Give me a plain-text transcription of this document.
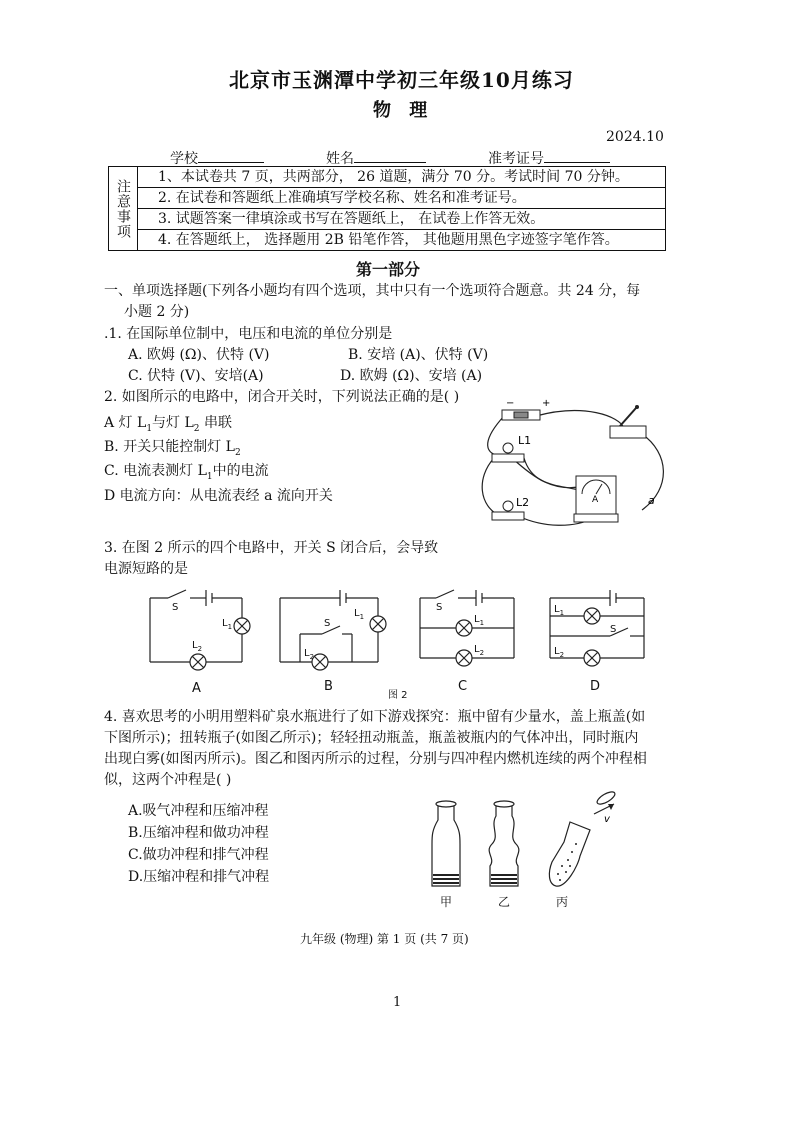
北京市玉渊潭中学初三年级10月练习
物 理
2024.10
学校	姓名	准考证号
注意事项	1、本试卷共 7 页，共两部分， 26 道题，满分 70 分。考试时间 70 分钟。
2. 在试卷和答题纸上准确填写学校名称、姓名和准考证号。
3. 试题答案一律填涂或书写在答题纸上， 在试卷上作答无效。
4. 在答题纸上， 选择题用 2B 铅笔作答， 其他题用黑色字迹签字笔作答。
第一部分
一、单项选择题(下列各小题均有四个选项，其中只有一个选项符合题意。共 24 分，每
小题 2 分)
.1. 在国际单位制中，电压和电流的单位分别是
A. 欧姆 (Ω)、伏特 (V)	B. 安培 (A)、伏特 (V)
C. 伏特 (V)、安培(A)	D. 欧姆 (Ω)、安培 (A)
2. 如图所示的电路中，闭合开关时，下列说法正确的是( )
A 灯 $L_1$与灯 $L_2$ 串联
B. 开关只能控制灯 $L_2$
C. 电流表测灯 $L_1$中的电流
D 电流方向：从电流表经 a 流向开关
−	+
L1
L2	A	a
3. 在图 2 所示的四个电路中，开关 S 闭合后，会导致
电源短路的是
S
$L_1$
$L_2$
S
$L_1$
$L_2$
S
$L_1$
$L_2$
$L_1$
S
$L_2$
A	B	C	D
图 2
4. 喜欢思考的小明用塑料矿泉水瓶进行了如下游戏探究：瓶中留有少量水，盖上瓶盖(如
下图所示)；扭转瓶子(如图乙所示)；轻轻扭动瓶盖，瓶盖被瓶内的气体冲出，同时瓶内
出现白雾(如图丙所示)。图乙和图丙所示的过程，分别与四冲程内燃机连续的两个冲程相
似，这两个冲程是( )
A.吸气冲程和压缩冲程
B.压缩冲程和做功冲程
C.做功冲程和排气冲程
D.压缩冲程和排气冲程
v
甲	乙	丙
九年级 (物理) 第 1 页 (共 7 页)
1
